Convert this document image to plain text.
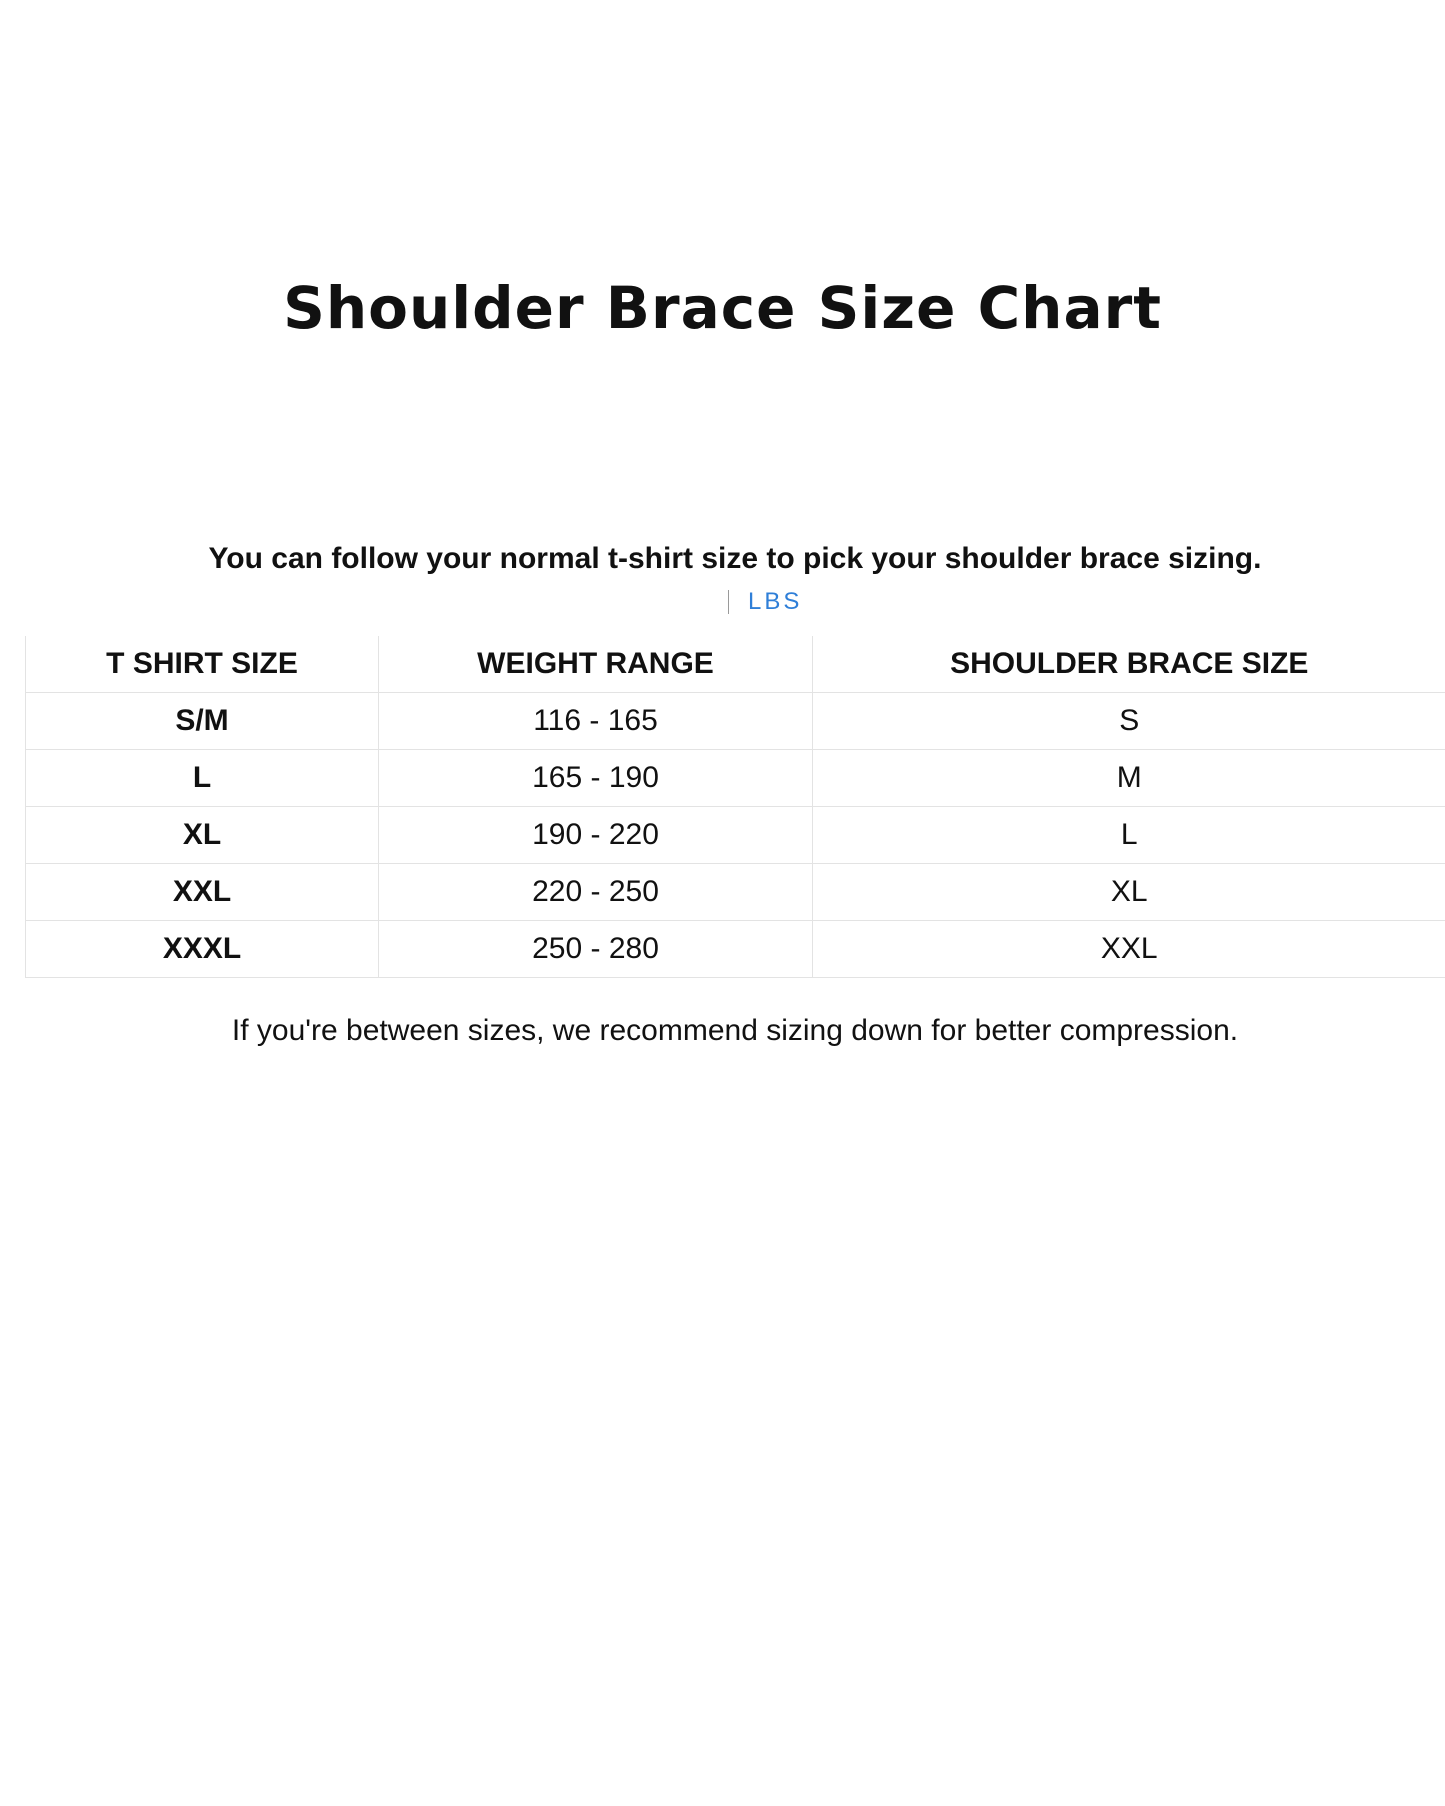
Shoulder Brace Size Chart

You can follow your normal t-shirt size to pick your shoulder brace sizing.

LBS
T SHIRT SIZE	WEIGHT RANGE	SHOULDER BRACE SIZE
S/M	116 - 165	S
L	165 - 190	M
XL	190 - 220	L
XXL	220 - 250	XL
XXXL	250 - 280	XXL

If you're between sizes, we recommend sizing down for better compression.
